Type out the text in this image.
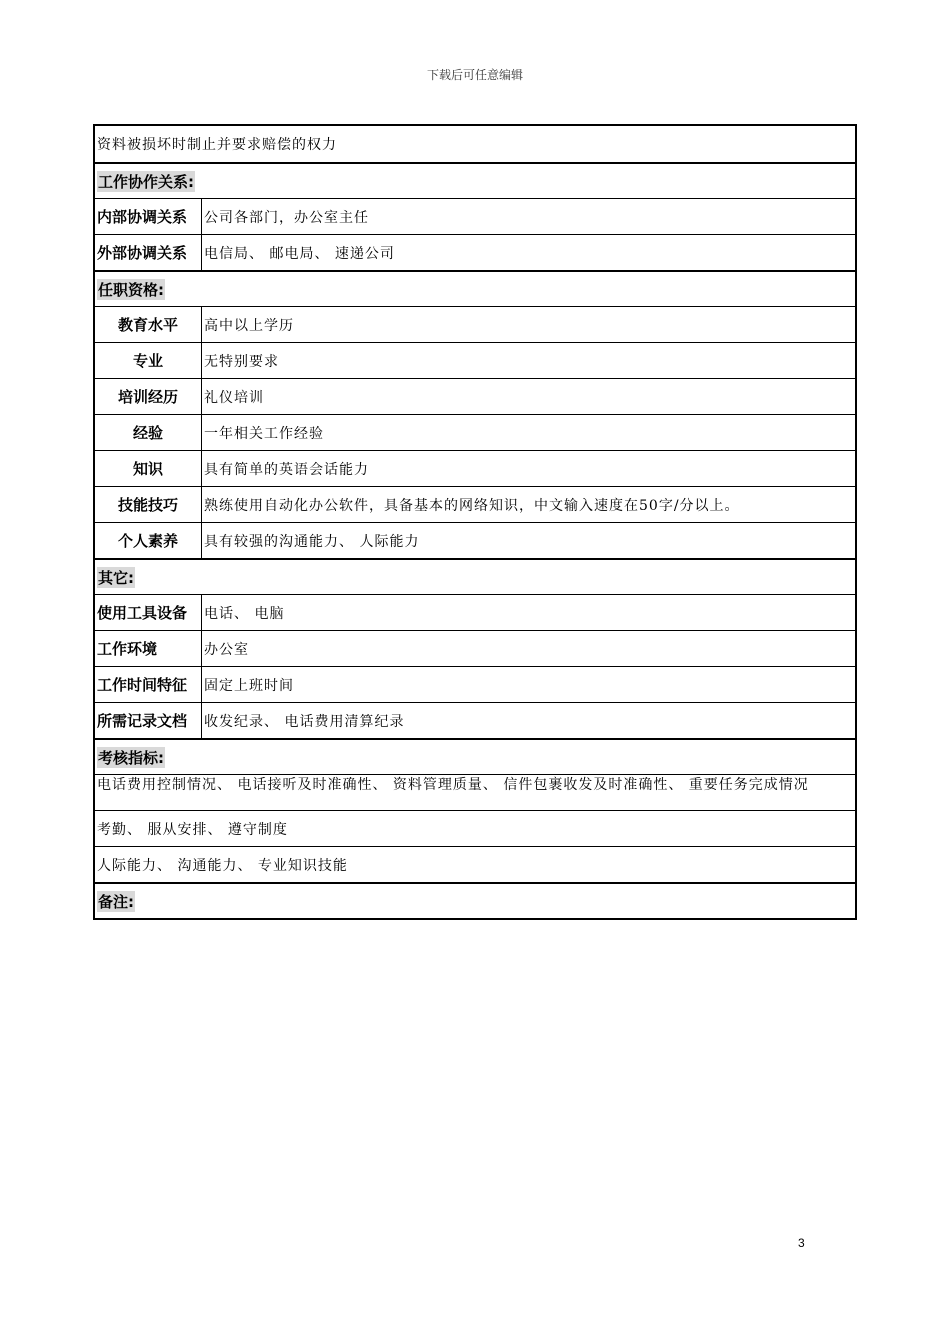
下载后可任意编辑
资料被损坏时制止并要求赔偿的权力
工作协作关系:
内部协调关系	公司各部门，办公室主任
外部协调关系	电信局、 邮电局、 速递公司
任职资格:
教育水平	高中以上学历
专业	无特别要求
培训经历	礼仪培训
经验	一年相关工作经验
知识	具有简单的英语会话能力
技能技巧	熟练使用自动化办公软件，具备基本的网络知识，中文输入速度在50字/分以上。
个人素养	具有较强的沟通能力、 人际能力
其它:
使用工具设备	电话、 电脑
工作环境	办公室
工作时间特征	固定上班时间
所需记录文档	收发纪录、 电话费用清算纪录
考核指标:
电话费用控制情况、 电话接听及时准确性、 资料管理质量、 信件包裹收发及时准确性、 重要任务完成情况
考勤、 服从安排、 遵守制度
人际能力、 沟通能力、 专业知识技能
备注:
3
